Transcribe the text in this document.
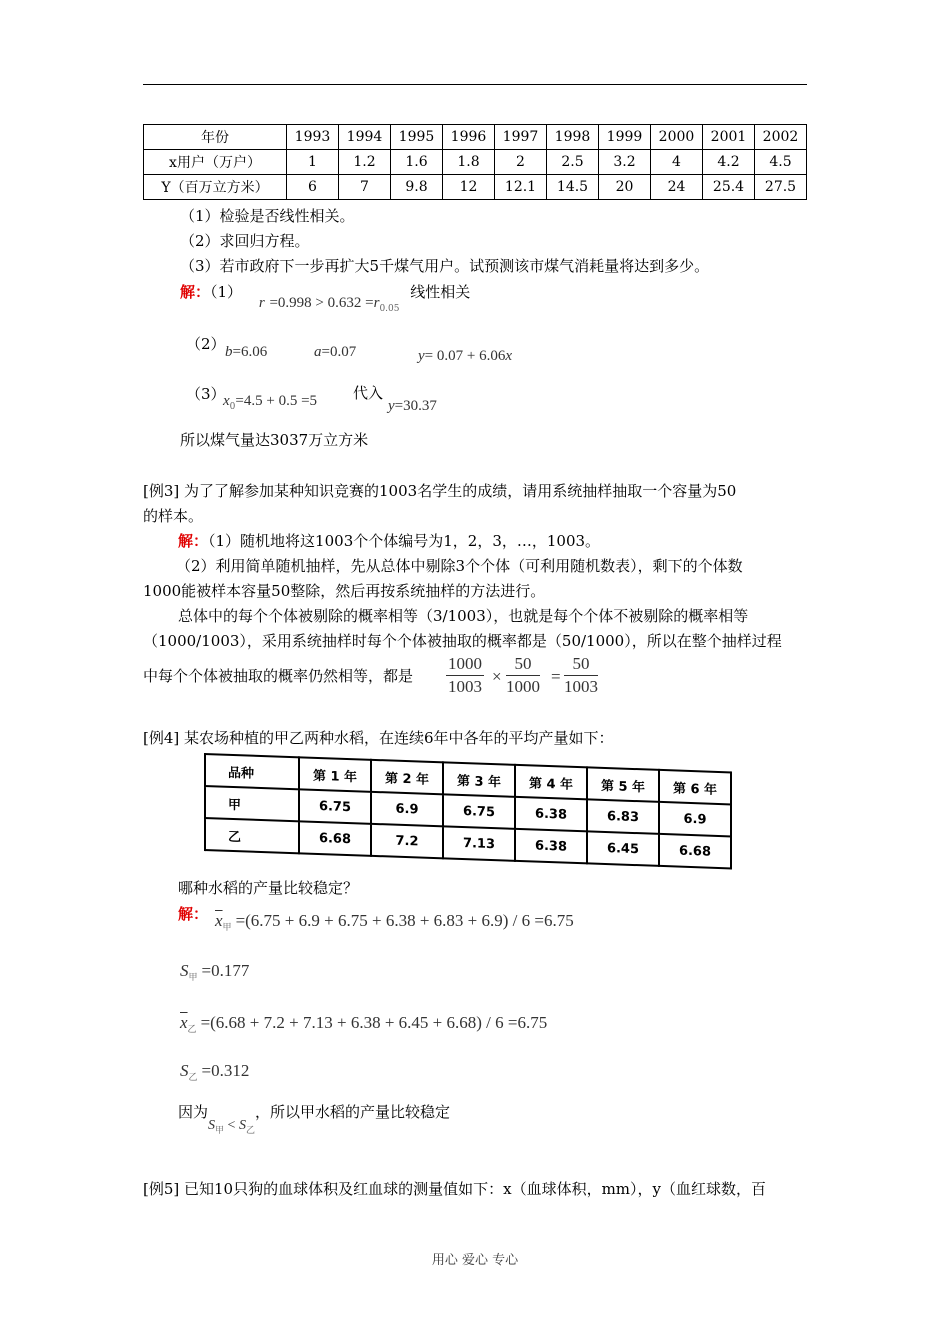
年份	1993	1994	1995	1996	1997	1998	1999	2000	2001	2002
x用户（万户）	1	1.2	1.6	1.8	2	2.5	3.2	4	4.2	4.5
Y（百万立方米）	6	7	9.8	12	12.1	14.5	20	24	25.4	27.5
（1）检验是否线性相关。
（2）求回归方程。
（3）若市政府下一步再扩大5千煤气用户。试预测该市煤气消耗量将达到多少。
解：（1） $r =0.998 > 0.632 =r_{0.05}$ 线性相关
（2） b=6.06	a=0.07	y= 0.07 + 6.06x
（3）
$x_0=4.5 + 0.5 =5$ 代入
y=30.37
所以煤气量达3037万立方米
[例3] 为了了解参加某种知识竞赛的1003名学生的成绩，请用系统抽样抽取一个容量为50
的样本。
解：（1）随机地将这1003个个体编号为1，2，3，…，1003。
（2）利用简单随机抽样，先从总体中剔除3个个体（可利用随机数表），剩下的个体数
1000能被样本容量50整除，然后再按系统抽样的方法进行。
总体中的每个个体被剔除的概率相等（3/1003），也就是每个个体不被剔除的概率相等
（1000/1003），采用系统抽样时每个个体被抽取的概率都是（50/1000），所以在整个抽样过程
中每个个体被抽取的概率仍然相等，都是 $\frac{1000}{1003} \times \frac{50}{1000} = \frac{50}{1003}$
[例4] 某农场种植的甲乙两种水稻，在连续6年中各年的平均产量如下：
品种	第 1 年	第 2 年	第 3 年	第 4 年	第 5 年	第 6 年
甲	6.75	6.9	6.75	6.38	6.83	6.9
乙	6.68	7.2	7.13	6.38	6.45	6.68
哪种水稻的产量比较稳定？
解： $\overline{x}_甲 =(6.75 + 6.9 + 6.75 + 6.38 + 6.83 + 6.9) / 6 =6.75$
$S_甲 =0.177$
$\overline{x}_乙 =(6.68 + 7.2 + 7.13 + 6.38 + 6.45 + 6.68) / 6 =6.75$
$S_乙 =0.312$
因为$S_甲 < S_乙$，所以甲水稻的产量比较稳定
[例5] 已知10只狗的血球体积及红血球的测量值如下：x（血球体积，mm），y（血红球数，百
用心 爱心 专心
